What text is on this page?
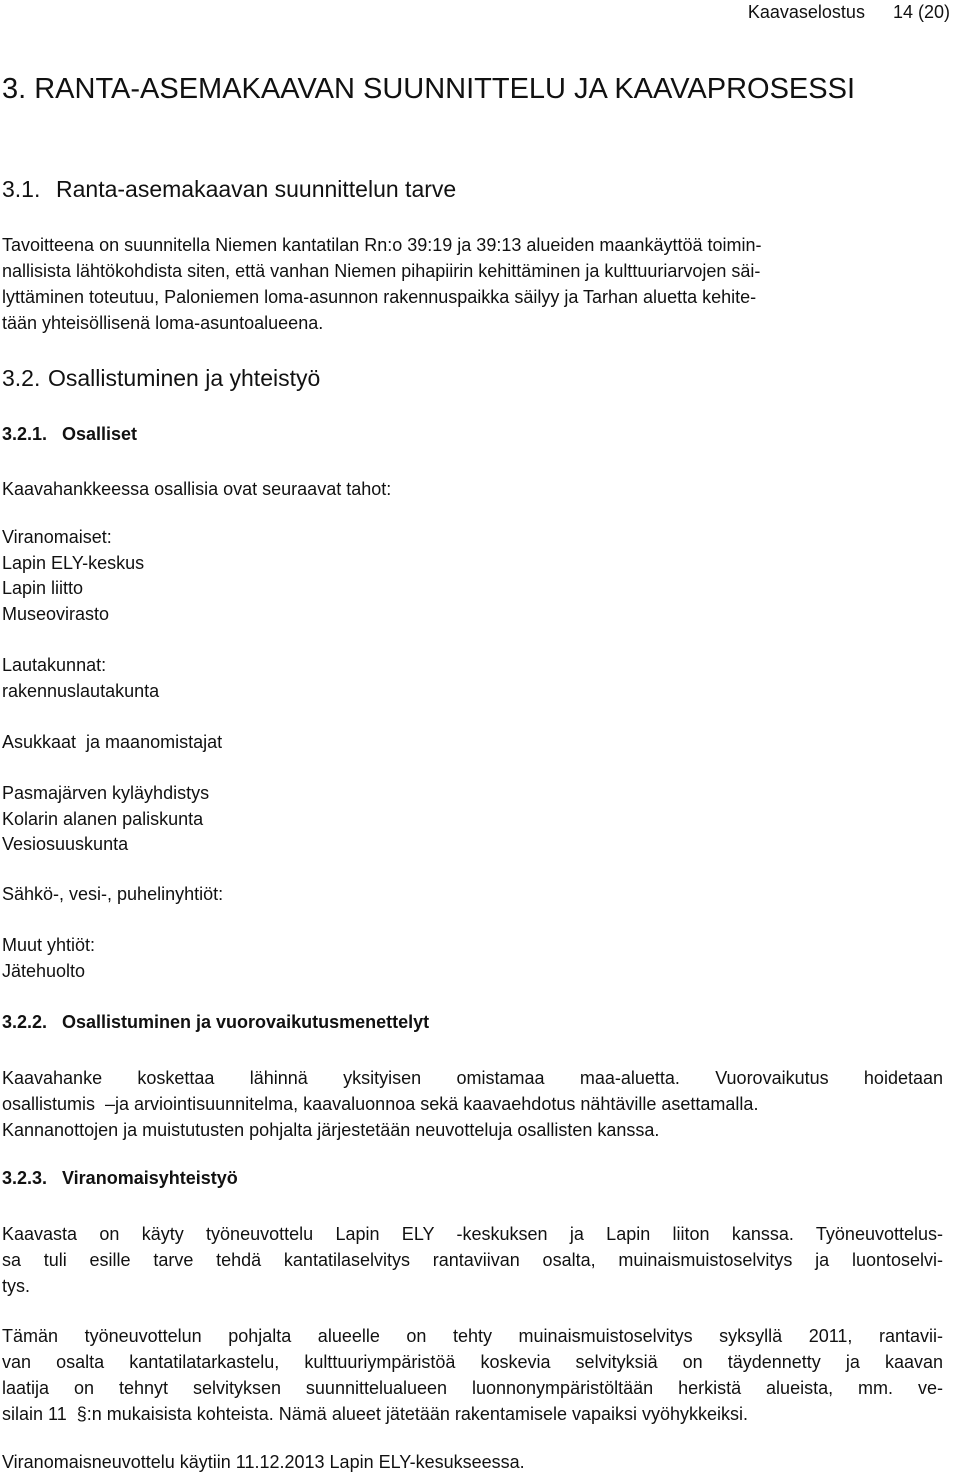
Kaavaselostus 14 (20)
3. RANTA-ASEMAKAAVAN SUUNNITTELU JA KAAVAPROSESSI
3.1. Ranta-asemakaavan suunnittelun tarve
Tavoitteena on suunnitella Niemen kantatilan Rn:o 39:19 ja 39:13 alueiden maankäyttöä toimin-
nallisista lähtökohdista siten, että vanhan Niemen pihapiirin kehittäminen ja kulttuuriarvojen säi-
lyttäminen toteutuu, Paloniemen loma-asunnon rakennuspaikka säilyy ja Tarhan aluetta kehite-
tään yhteisöllisenä loma-asuntoalueena.
3.2. Osallistuminen ja yhteistyö
3.2.1. Osalliset
Kaavahankkeessa osallisia ovat seuraavat tahot:
Viranomaiset:
Lapin ELY-keskus
Lapin liitto
Museovirasto
Lautakunnat:
rakennuslautakunta
Asukkaat  ja maanomistajat
Pasmajärven kyläyhdistys
Kolarin alanen paliskunta
Vesiosuuskunta
Sähkö-, vesi-, puhelinyhtiöt:
Muut yhtiöt:
Jätehuolto
3.2.2. Osallistuminen ja vuorovaikutusmenettelyt
Kaavahanke koskettaa lähinnä yksityisen omistamaa maa-aluetta. Vuorovaikutus hoidetaan
osallistumis  –ja arviointisuunnitelma, kaavaluonnoa sekä kaavaehdotus nähtäville asettamalla.
Kannanottojen ja muistutusten pohjalta järjestetään neuvotteluja osallisten kanssa.
3.2.3. Viranomaisyhteistyö
Kaavasta on käyty työneuvottelu Lapin ELY -keskuksen ja Lapin liiton kanssa. Työneuvottelus-
sa tuli esille tarve tehdä kantatilaselvitys rantaviivan osalta, muinaismuistoselvitys ja luontoselvi-
tys.
Tämän työneuvottelun pohjalta alueelle on tehty muinaismuistoselvitys syksyllä 2011, rantavii-
van osalta kantatilatarkastelu, kulttuuriympäristöä koskevia selvityksiä on täydennetty ja kaavan
laatija on tehnyt selvityksen suunnittelualueen luonnonympäristöltään herkistä alueista, mm. ve-
silain 11  §:n mukaisista kohteista. Nämä alueet jätetään rakentamisele vapaiksi vyöhykkeiksi.
Viranomaisneuvottelu käytiin 11.12.2013 Lapin ELY-kesukseessa.
